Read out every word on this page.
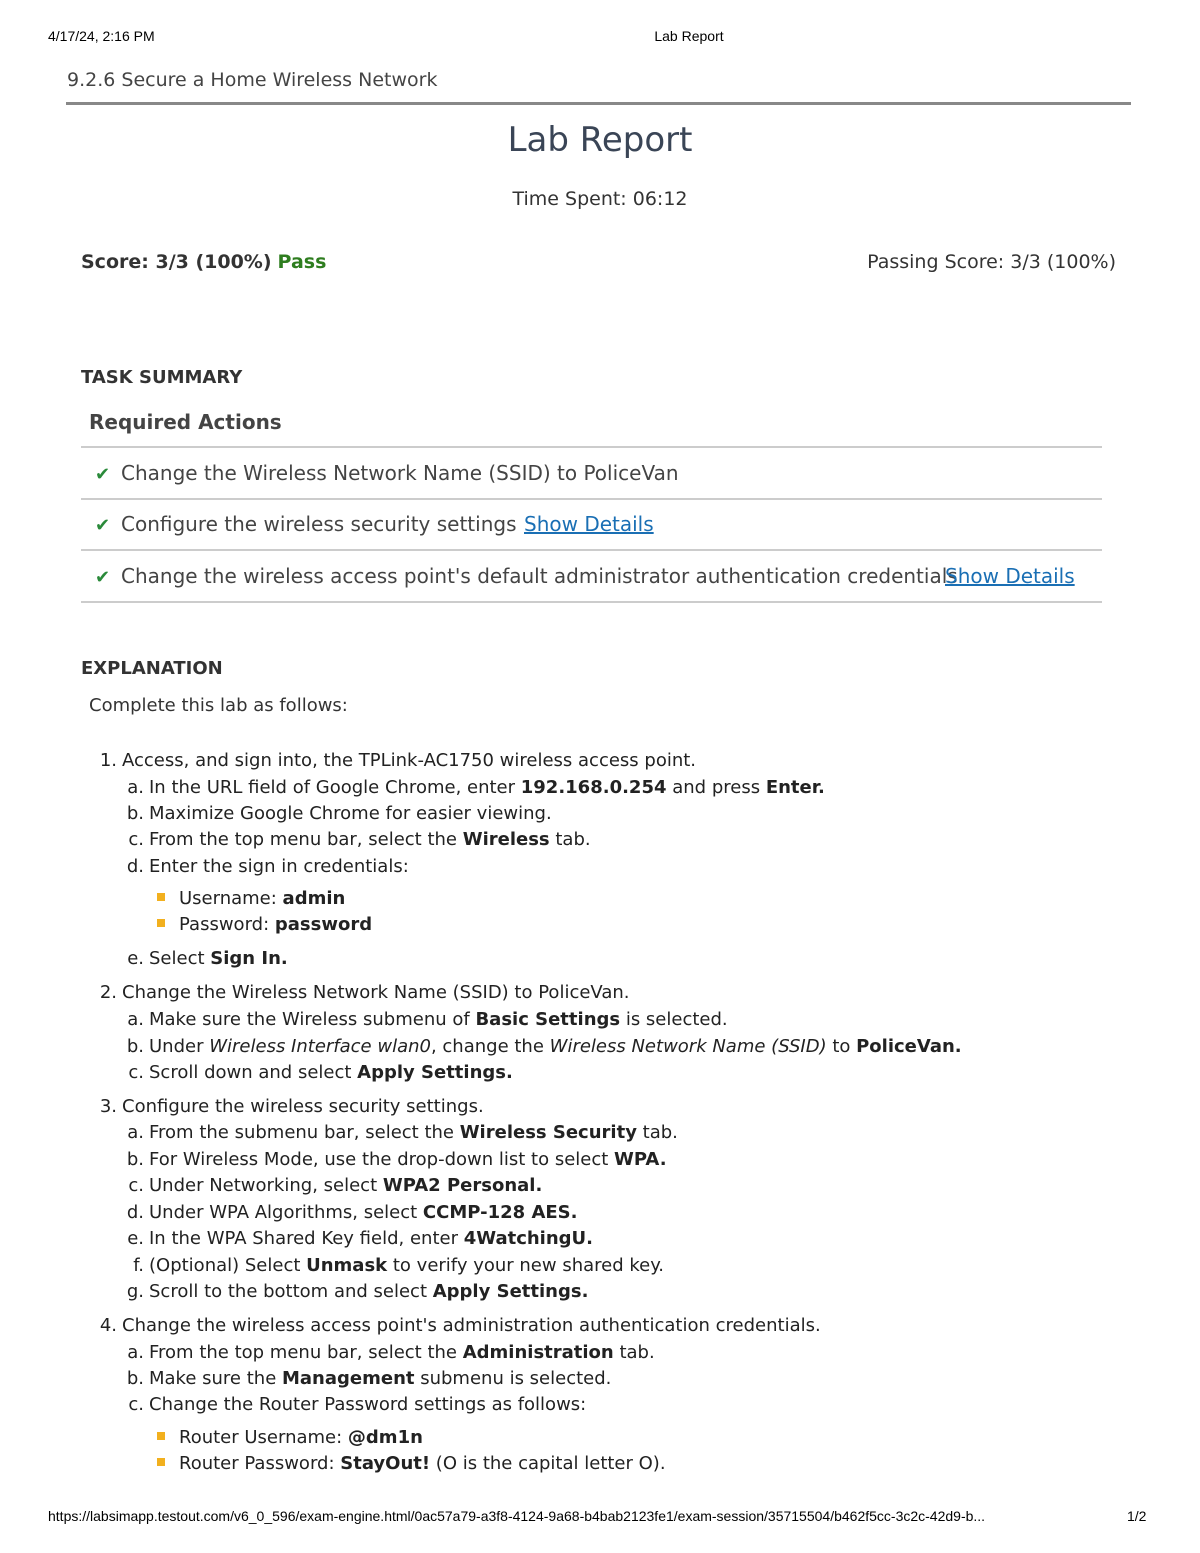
4/17/24, 2:16 PM	Lab Report
9.2.6 Secure a Home Wireless Network
Lab Report
Time Spent: 06:12
Score: 3/3 (100%) Pass	Passing Score: 3/3 (100%)
TASK SUMMARY
Required Actions
✔ Change the Wireless Network Name (SSID) to PoliceVan
✔ Configure the wireless security settings Show Details
✔ Change the wireless access point's default administrator authentication credentials
Show Details
EXPLANATION
Complete this lab as follows:
1. Access, and sign into, the TPLink-AC1750 wireless access point.
a. In the URL field of Google Chrome, enter 192.168.0.254 and press Enter.
b. Maximize Google Chrome for easier viewing.
c. From the top menu bar, select the Wireless tab.
d. Enter the sign in credentials:
Username: admin
Password: password
e. Select Sign In.
2. Change the Wireless Network Name (SSID) to PoliceVan.
a. Make sure the Wireless submenu of Basic Settings is selected.
b. Under Wireless Interface wlan0, change the Wireless Network Name (SSID) to PoliceVan.
c. Scroll down and select Apply Settings.
3. Configure the wireless security settings.
a. From the submenu bar, select the Wireless Security tab.
b. For Wireless Mode, use the drop-down list to select WPA.
c. Under Networking, select WPA2 Personal.
d. Under WPA Algorithms, select CCMP-128 AES.
e. In the WPA Shared Key field, enter 4WatchingU.
f. (Optional) Select Unmask to verify your new shared key.
g. Scroll to the bottom and select Apply Settings.
4. Change the wireless access point's administration authentication credentials.
a. From the top menu bar, select the Administration tab.
b. Make sure the Management submenu is selected.
c. Change the Router Password settings as follows:
Router Username: @dm1n
Router Password: StayOut! (O is the capital letter O).
https://labsimapp.testout.com/v6_0_596/exam-engine.html/0ac57a79-a3f8-4124-9a68-b4bab2123fe1/exam-session/35715504/b462f5cc-3c2c-42d9-b...	1/2
